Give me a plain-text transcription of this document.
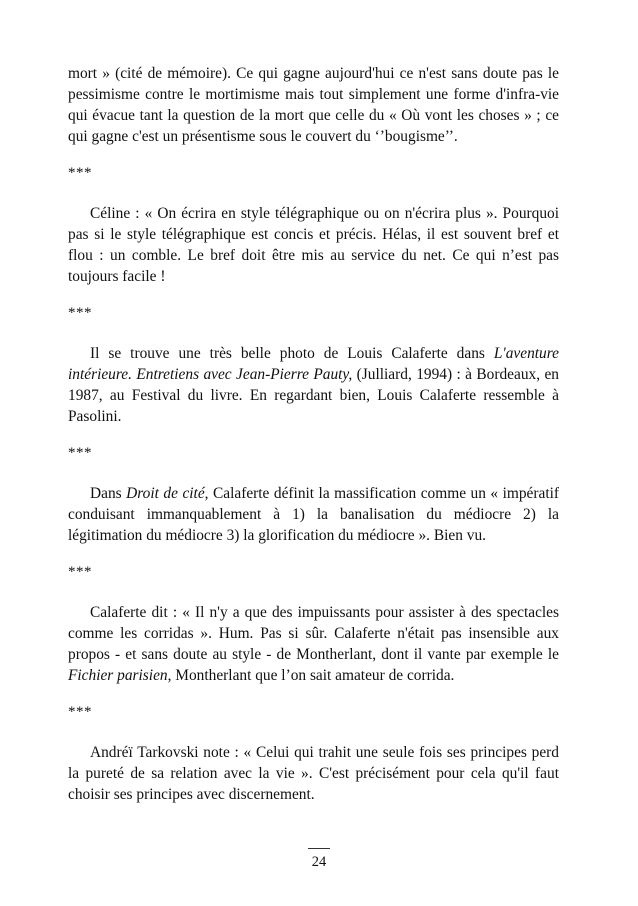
mort » (cité de mémoire). Ce qui gagne aujourd'hui ce n'est sans doute pas le pessimisme contre le mortimisme mais tout simplement une forme d'infra-vie qui évacue tant la question de la mort que celle du « Où vont les choses » ; ce qui gagne c'est un présentisme sous le couvert du ‘’bougisme’’.

***

Céline : « On écrira en style télégraphique ou on n'écrira plus ». Pourquoi pas si le style télégraphique est concis et précis. Hélas, il est souvent bref et flou : un comble. Le bref doit être mis au service du net. Ce qui n’est pas toujours facile !

***

Il se trouve une très belle photo de Louis Calaferte dans L'aventure intérieure. Entretiens avec Jean-Pierre Pauty, (Julliard, 1994) : à Bordeaux, en 1987, au Festival du livre. En regardant bien, Louis Calaferte ressemble à Pasolini.

***

Dans Droit de cité, Calaferte définit la massification comme un « impératif conduisant immanquablement à 1) la banalisation du médiocre 2) la légitimation du médiocre 3) la glorification du médiocre ». Bien vu.

***

Calaferte dit : « Il n'y a que des impuissants pour assister à des spectacles comme les corridas ». Hum. Pas si sûr. Calaferte n'était pas insensible aux propos - et sans doute au style - de Montherlant, dont il vante par exemple le Fichier parisien, Montherlant que l’on sait amateur de corrida.

***

Andréï Tarkovski note : « Celui qui trahit une seule fois ses principes perd la pureté de sa relation avec la vie ». C'est précisément pour cela qu'il faut choisir ses principes avec discernement.

24
